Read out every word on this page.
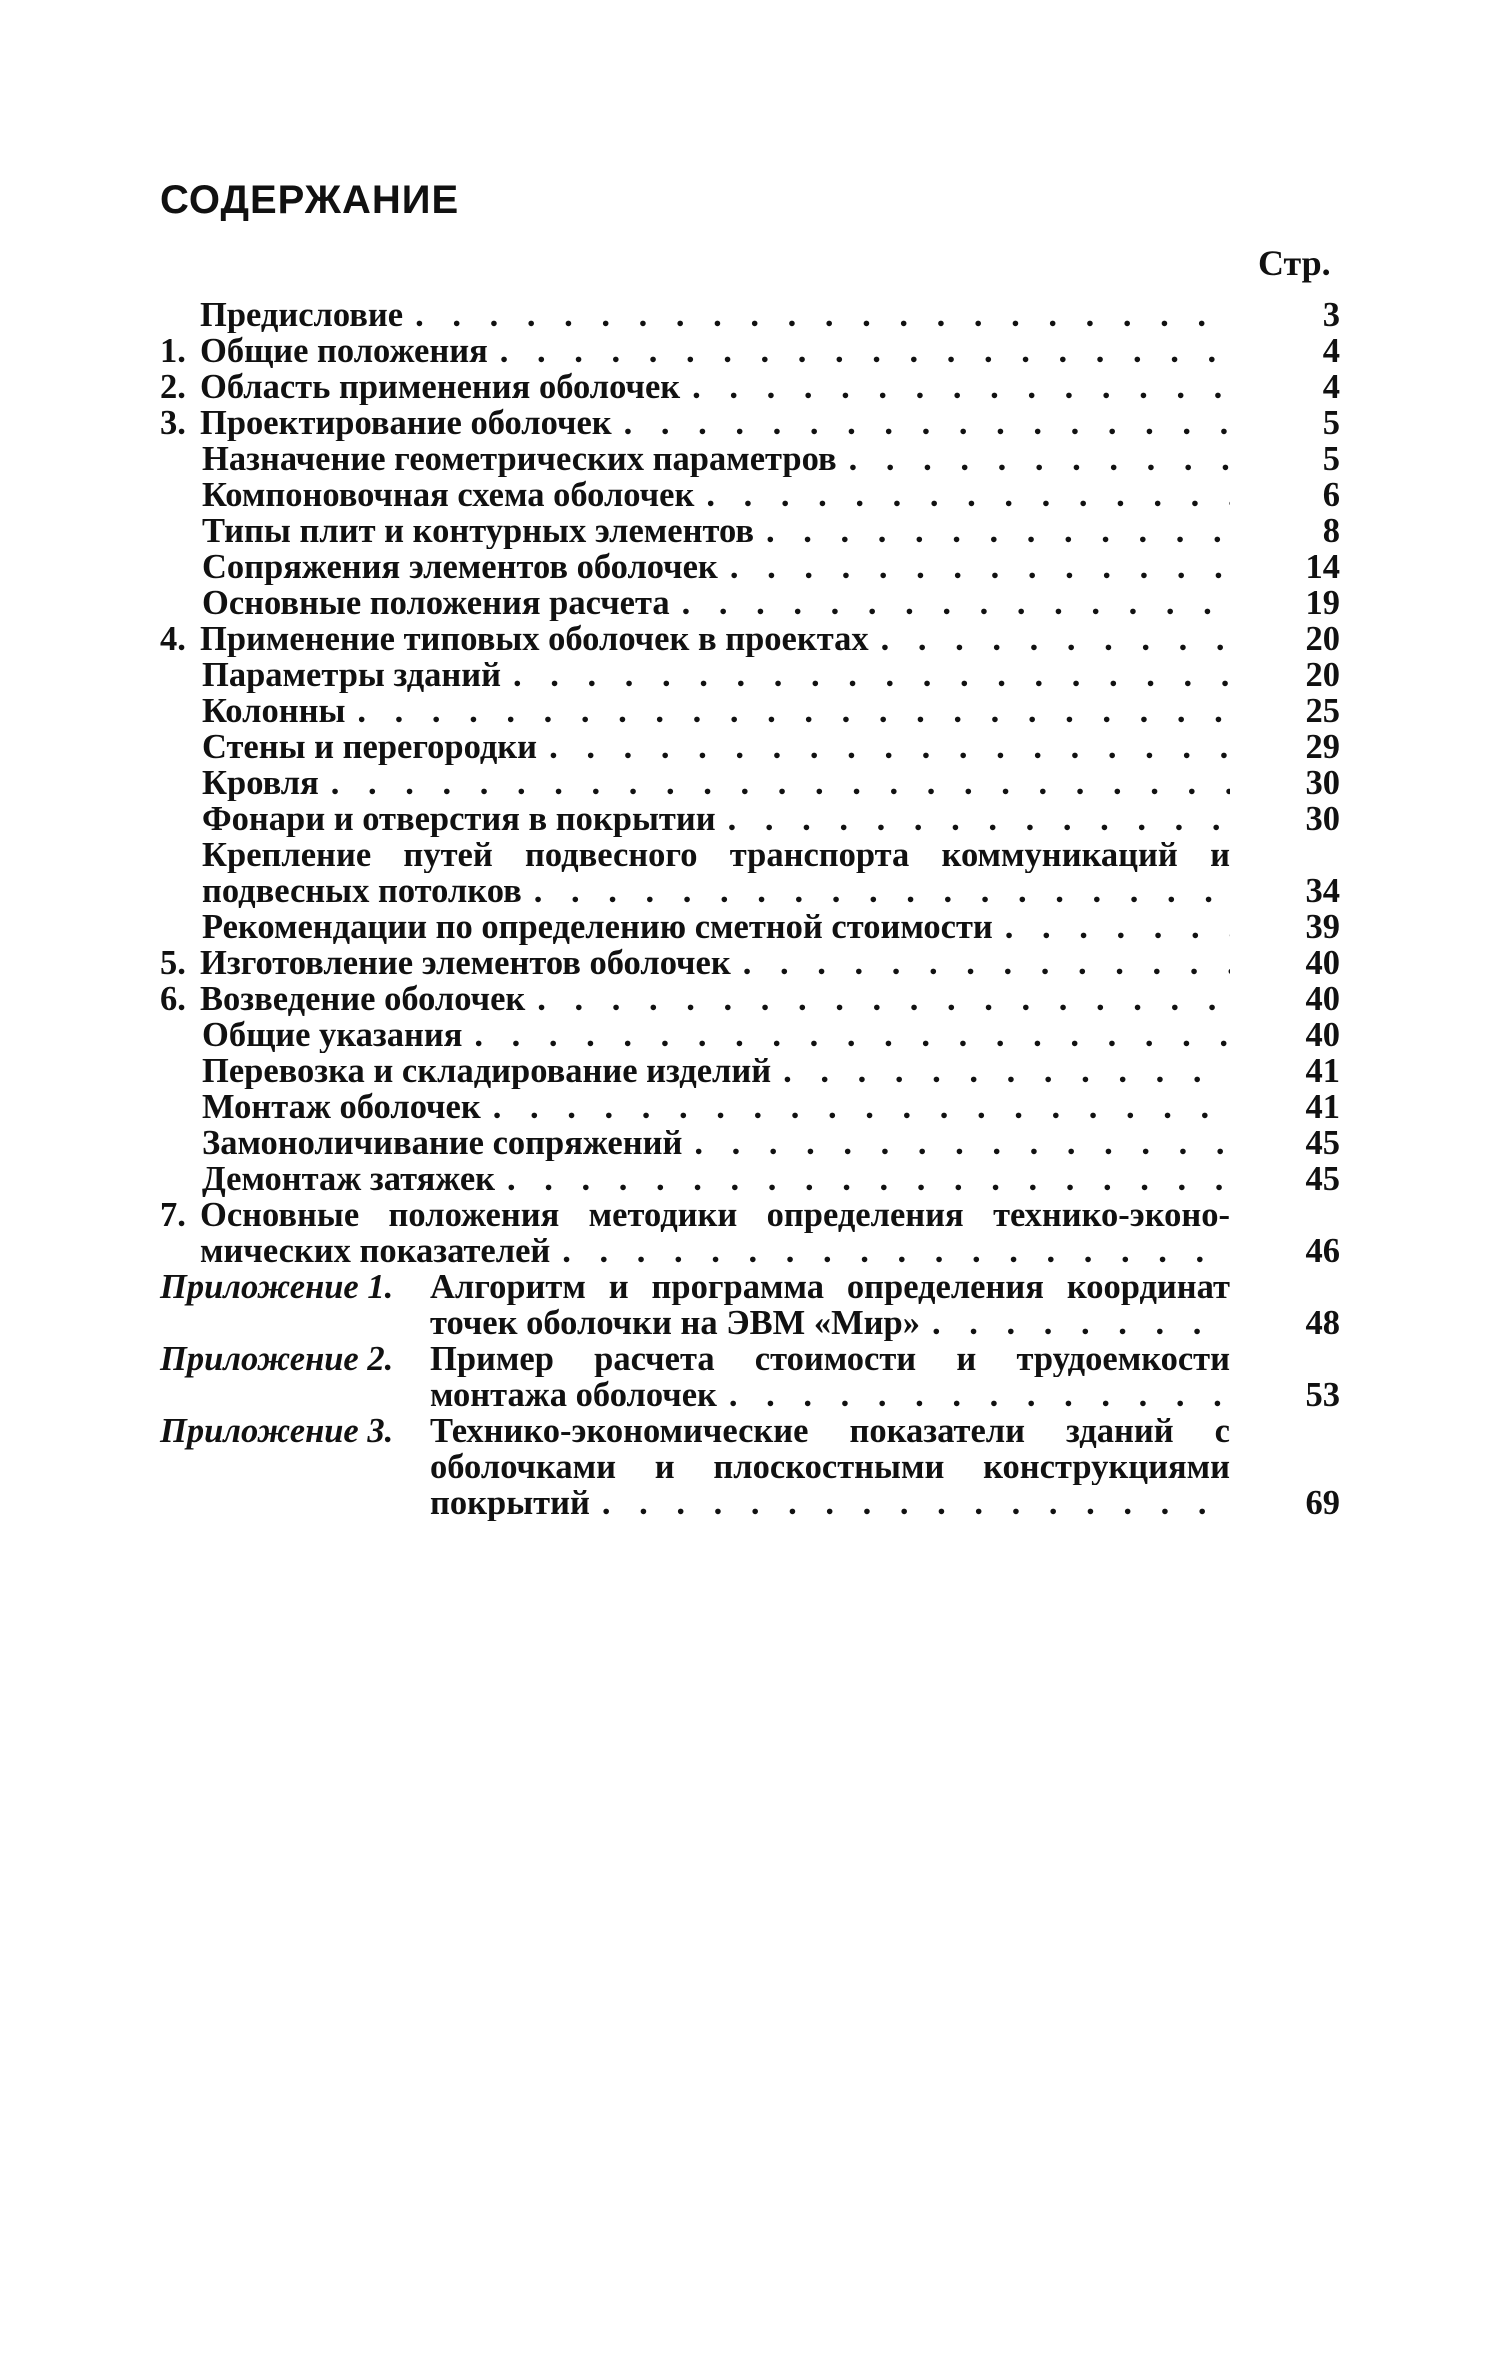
СОДЕРЖАНИЕ
Стр.
Предисловие . . .	3
1. Общие положения . . .	4
2. Область применения оболочек . . .	4
3. Проектирование оболочек . . .	5
Назначение геометрических параметров . . .	5
Компоновочная схема оболочек . . .	6
Типы плит и контурных элементов . . .	8
Сопряжения элементов оболочек . . .	14
Основные положения расчета . . .	19
4. Применение типовых оболочек в проектах . . .	20
Параметры зданий . . .	20
Колонны . . .	25
Стены и перегородки . . .	29
Кровля . . .	30
Фонари и отверстия в покрытии . . .	30
Крепление путей подвесного транспорта коммуникаций и
подвесных потолков . . .	34
Рекомендации по определению сметной стоимости . . .	39
5. Изготовление элементов оболочек . . .	40
6. Возведение оболочек . . .	40
Общие указания . . .	40
Перевозка и складирование изделий . . .	41
Монтаж оболочек . . .	41
Замоноличивание сопряжений . . .	45
Демонтаж затяжек . . .	45
7. Основные положения методики определения технико-эконо-
мических показателей . . .	46
Приложение 1. Алгоритм и программа определения координат
точек оболочки на ЭВМ «Мир» . . .	48
Приложение 2. Пример расчета стоимости и трудоемкости
монтажа оболочек . . .	53
Приложение 3. Технико-экономические показатели зданий с
оболочками и плоскостными конструкциями
покрытий . . .	69
